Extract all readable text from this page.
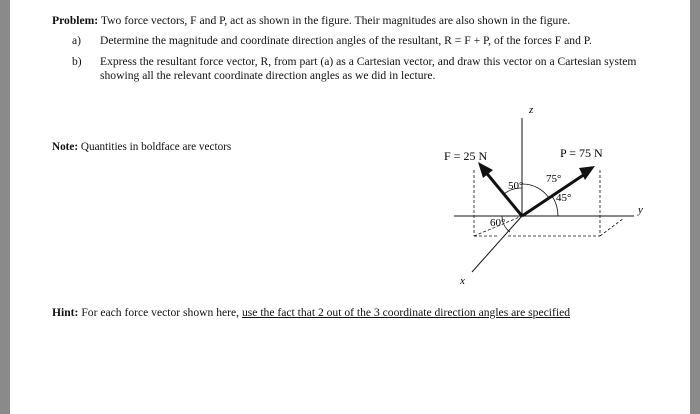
Problem: Two force vectors, F and P, act as shown in the figure. Their magnitudes are also shown in the figure.
a)	Determine the magnitude and coordinate direction angles of the resultant, R = F + P, of the forces F and P.
b)	Express the resultant force vector, R, from part (a) as a Cartesian vector, and draw this vector on a Cartesian system showing all the relevant coordinate direction angles as we did in lecture.
Note: Quantities in boldface are vectors
z
y
x
F = 25 N	P = 75 N
50°
75°
45°
60°
Hint: For each force vector shown here, use the fact that 2 out of the 3 coordinate direction angles are specified
